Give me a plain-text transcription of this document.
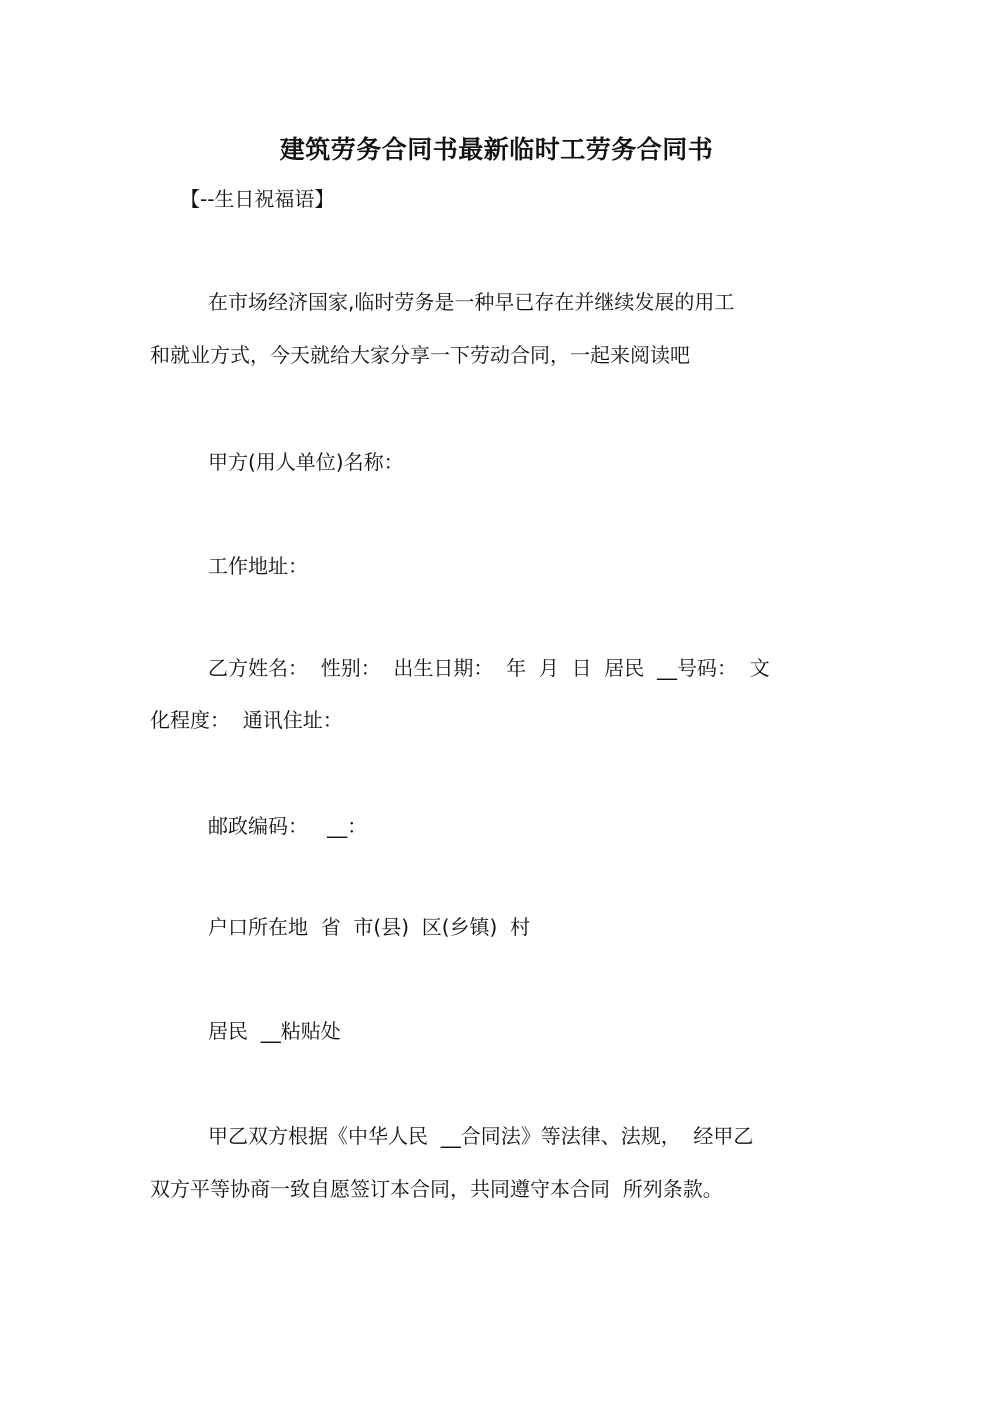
建筑劳务合同书最新临时工劳务合同书
【--生日祝福语】
在市场经济国家,临时劳务是一种早已存在并继续发展的用工
和就业方式，今天就给大家分享一下劳动合同，一起来阅读吧
甲方(用人单位)名称：
工作地址：
乙方姓名：  性别：  出生日期：  年  月  日  居民  __号码：  文
化程度：  通讯住址：
邮政编码：   __：
户口所在地  省  市(县)  区(乡镇)  村
居民  __粘贴处
甲乙双方根据《中华人民  __合同法》等法律、法规，  经甲乙
双方平等协商一致自愿签订本合同，共同遵守本合同  所列条款。
